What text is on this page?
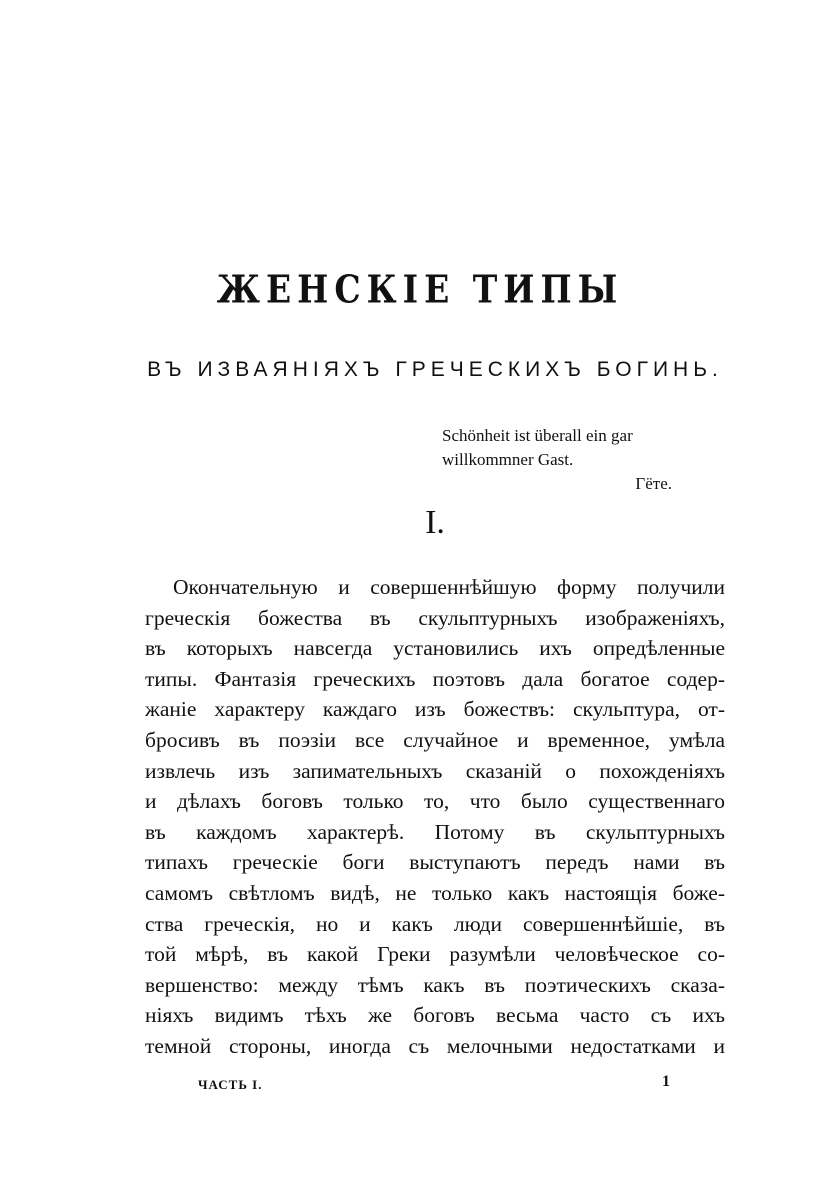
ЖЕНСКІЕ ТИПЫ
ВЪ ИЗВАЯНІЯХЪ ГРЕЧЕСКИХЪ БОГИНЬ.
Schönheit ist überall ein gar
willkommner Gast.
Гёте.
I.
Окончательную и совершеннѣйшую форму получили
греческія божества въ скульптурныхъ изображеніяхъ,
въ которыхъ навсегда установились ихъ опредѣленные
типы. Фантазія греческихъ поэтовъ дала богатое содер-
жаніе характеру каждаго изъ божествъ: скульптура, от-
бросивъ въ поэзіи все случайное и временное, умѣла
извлечь изъ запимательныхъ сказаній о похожденіяхъ
и дѣлахъ боговъ только то, что было существеннаго
въ каждомъ характерѣ. Потому въ скульптурныхъ
типахъ греческіе боги выступаютъ передъ нами въ
самомъ свѣтломъ видѣ, не только какъ настоящія боже-
ства греческія, но и какъ люди совершеннѣйшіе, въ
той мѣрѣ, въ какой Греки разумѣли человѣческое со-
вершенство: между тѣмъ какъ въ поэтическихъ сказа-
ніяхъ видимъ тѣхъ же боговъ весьма часто съ ихъ
темной стороны, иногда съ мелочными недостатками и
ЧАСТЬ I.	1
